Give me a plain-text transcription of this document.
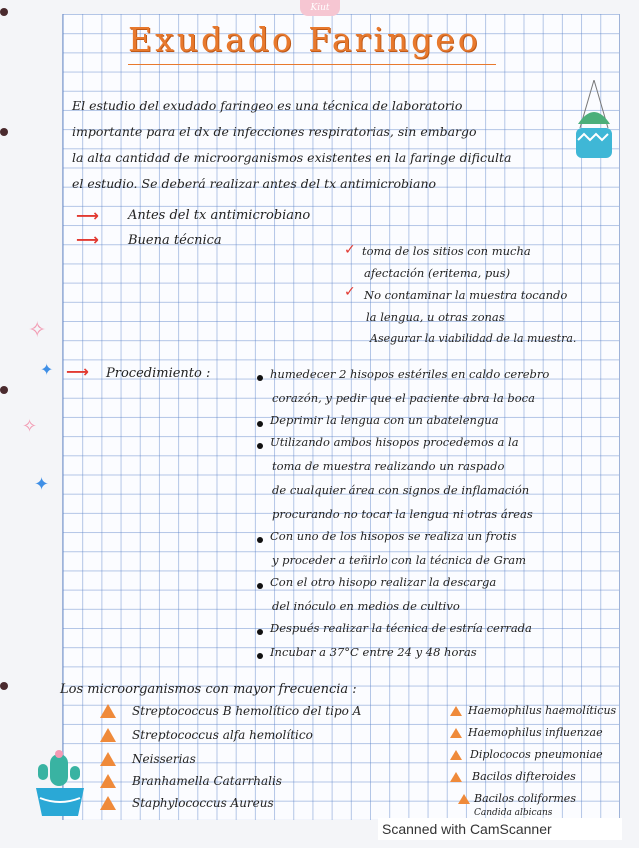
Kiut
Exudado Faringeo
El estudio del exudado faringeo es una técnica de laboratorio
importante para el dx de infecciones respiratorias, sin embargo
la alta cantidad de microorganismos existentes en la faringe dificulta
el estudio. Se deberá realizar antes del tx antimicrobiano
⟶ Antes del tx antimicrobiano
⟶ Buena técnica
✓ toma de los sitios con mucha
afectación (eritema, pus)
✓ No contaminar la muestra tocando
la lengua, u otras zonas
Asegurar la viabilidad de la muestra.
✧
✦
✧
✦
⟶ Procedimiento :	humedecer 2 hisopos estériles en caldo cerebro
corazón, y pedir que el paciente abra la boca
Deprimir la lengua con un abatelengua
Utilizando ambos hisopos procedemos a la
toma de muestra realizando un raspado
de cualquier área con signos de inflamación
procurando no tocar la lengua ni otras áreas
Con uno de los hisopos se realiza un frotis
y proceder a teñirlo con la técnica de Gram
Con el otro hisopo realizar la descarga
del inóculo en medios de cultivo
Después realizar la técnica de estría cerrada
Incubar a 37°C entre 24 y 48 horas
Los microorganismos con mayor frecuencia :
Streptococcus B hemolítico del tipo A
Streptococcus alfa hemolítico
Neisserias
Branhamella Catarrhalis
Staphylococcus Aureus
Haemophilus haemolíticus
Haemophilus influenzae
Diplococos pneumoniae
Bacilos difteroides
Bacilos coliformes
Candida albicans
Scanned with CamScanner
